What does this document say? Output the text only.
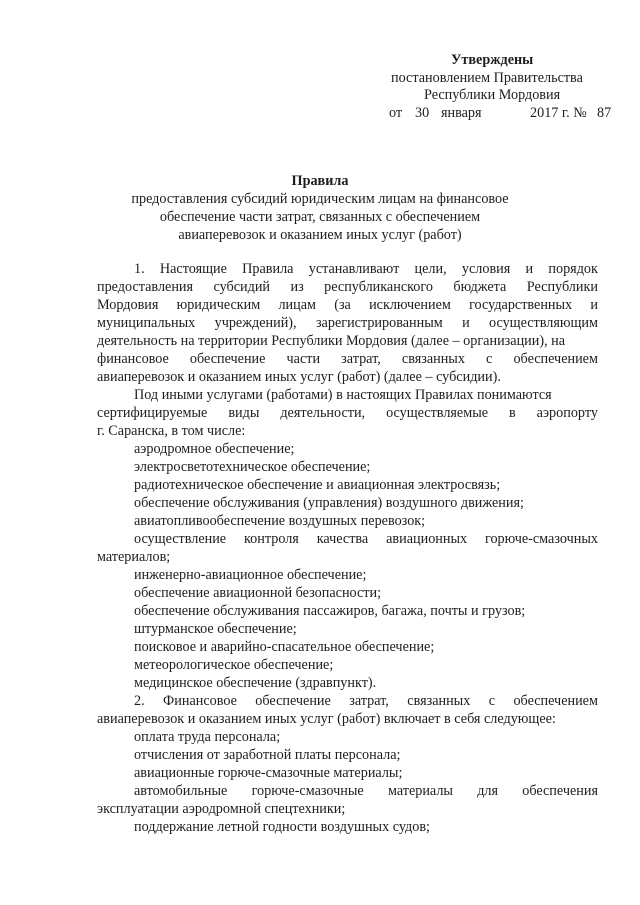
Утверждены
постановлением Правительства
Республики Мордовия
от 30 января	2017 г. № 87
Правила
предоставления субсидий юридическим лицам на финансовое
обеспечение части затрат, связанных с обеспечением
авиаперевозок и оказанием иных услуг (работ)
1. Настоящие Правила устанавливают цели, условия и порядок
предоставления субсидий из республиканского бюджета Республики
Мордовия юридическим лицам (за исключением государственных и
муниципальных учреждений), зарегистрированным и осуществляющим
деятельность на территории Республики Мордовия (далее – организации), на
финансовое обеспечение части затрат, связанных с обеспечением
авиаперевозок и оказанием иных услуг (работ) (далее – субсидии).
Под иными услугами (работами) в настоящих Правилах понимаются
сертифицируемые виды деятельности, осуществляемые в аэропорту
г. Саранска, в том числе:
аэродромное обеспечение;
электросветотехническое обеспечение;
радиотехническое обеспечение и авиационная электросвязь;
обеспечение обслуживания (управления) воздушного движения;
авиатопливообеспечение воздушных перевозок;
осуществление контроля качества авиационных горюче-смазочных
материалов;
инженерно-авиационное обеспечение;
обеспечение авиационной безопасности;
обеспечение обслуживания пассажиров, багажа, почты и грузов;
штурманское обеспечение;
поисковое и аварийно-спасательное обеспечение;
метеорологическое обеспечение;
медицинское обеспечение (здравпункт).
2. Финансовое обеспечение затрат, связанных с обеспечением
авиаперевозок и оказанием иных услуг (работ) включает в себя следующее:
оплата труда персонала;
отчисления от заработной платы персонала;
авиационные горюче-смазочные материалы;
автомобильные горюче-смазочные материалы для обеспечения
эксплуатации аэродромной спецтехники;
поддержание летной годности воздушных судов;
